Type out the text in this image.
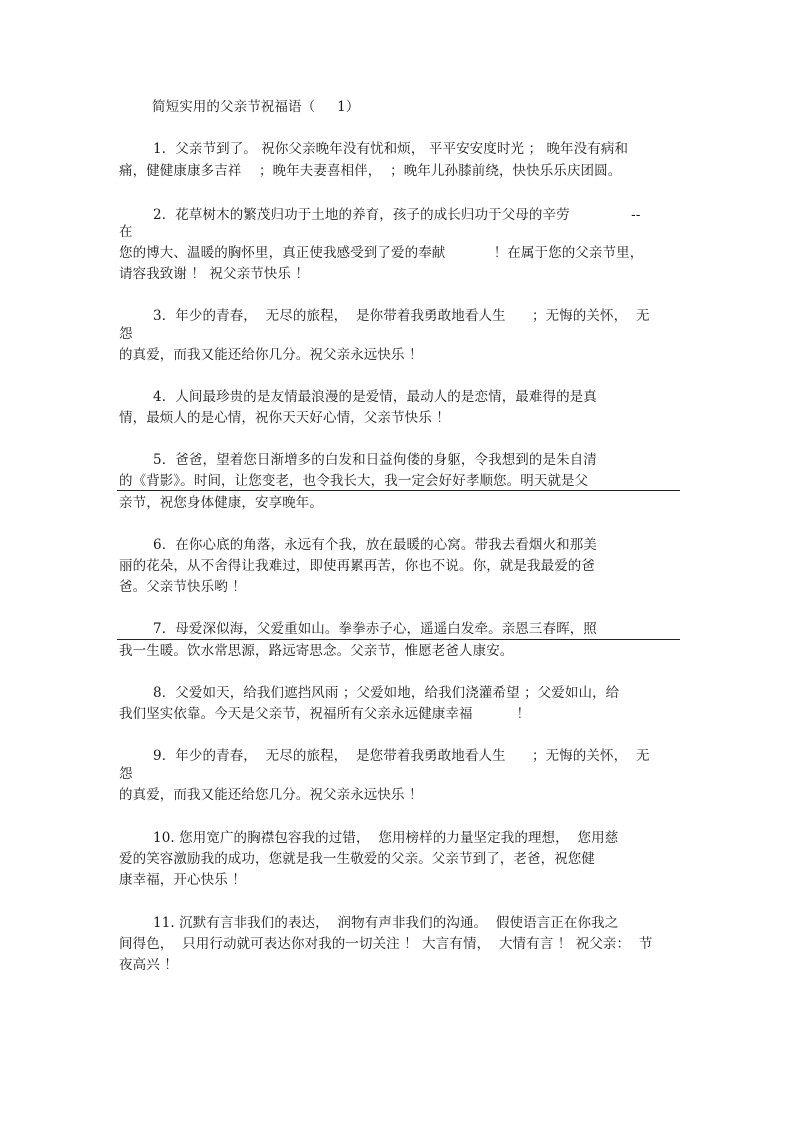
简短实用的父亲节祝福语（     1）
1．父亲节到了。 祝你父亲晚年没有忧和烦， 平平安安度时光 ； 晚年没有病和
痛，健健康康多吉祥    ；晚年夫妻喜相伴，  ；晚年儿孙膝前绕，快快乐乐庆团圆。
2．花草树木的繁茂归功于土地的养育，孩子的成长归功于父母的辛劳              --
在
您的博大、温暖的胸怀里，真正使我感受到了爱的奉献           ！在属于您的父亲节里，
请容我致谢 ！ 祝父亲节快乐 ！
3．年少的青春，  无尽的旅程，  是你带着我勇敢地看人生      ；无悔的关怀，  无
怨
的真爱，而我又能还给你几分。祝父亲永远快乐 ！
4．人间最珍贵的是友情最浪漫的是爱情，最动人的是恋情，最难得的是真
情，最烦人的是心情，祝你天天好心情，父亲节快乐 ！
5．爸爸，望着您日渐增多的白发和日益佝偻的身躯，令我想到的是朱自清
的《背影》。时间，让您变老，也令我长大，我一定会好好孝顺您。明天就是父
亲节，祝您身体健康，安享晚年。
6．在你心底的角落，永远有个我，放在最暖的心窝。带我去看烟火和那美
丽的花朵，从不舍得让我难过，即使再累再苦，你也不说。你，就是我最爱的爸
爸。父亲节快乐哟 ！
7．母爱深似海，父爱重如山。拳拳赤子心，遥遥白发牵。亲恩三春晖，照
我一生暖。饮水常思源，路远寄思念。父亲节，惟愿老爸人康安。
8．父爱如天，给我们遮挡风雨 ；父爱如地，给我们浇灌希望 ；父爱如山，给
我们坚实依靠。今天是父亲节，祝福所有父亲永远健康幸福          ！
9．年少的青春，  无尽的旅程，  是您带着我勇敢地看人生      ；无悔的关怀，  无
怨
的真爱，而我又能还给您几分。祝父亲永远快乐 ！
10. 您用宽广的胸襟包容我的过错，  您用榜样的力量坚定我的理想，  您用慈
爱的笑容激励我的成功，您就是我一生敬爱的父亲。父亲节到了，老爸，祝您健
康幸福，开心快乐 ！
11. 沉默有言非我们的表达，  润物有声非我们的沟通。  假使语言正在你我之
间得色，  只用行动就可表达你对我的一切关注 ！ 大言有情，  大情有言 ！ 祝父亲：  节
夜高兴 ！
